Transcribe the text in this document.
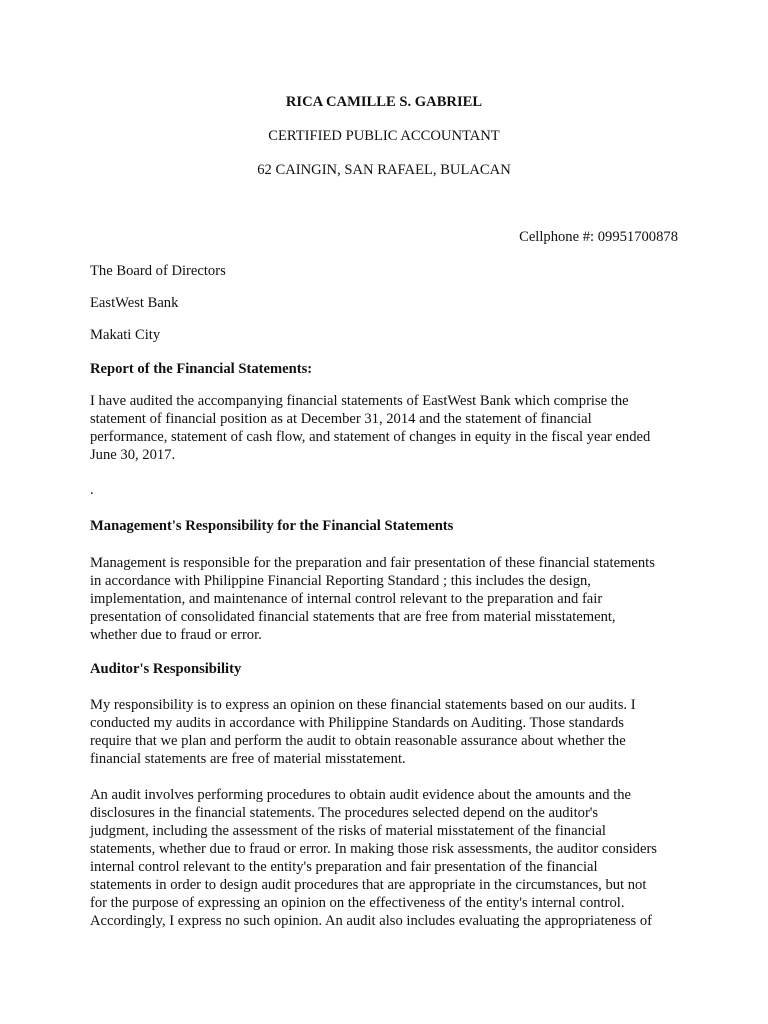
RICA CAMILLE S. GABRIEL
CERTIFIED PUBLIC ACCOUNTANT
62 CAINGIN, SAN RAFAEL, BULACAN
Cellphone #: 09951700878
The Board of Directors
EastWest Bank
Makati City
Report of the Financial Statements:
I have audited the accompanying financial statements of EastWest Bank which comprise the
statement of financial position as at December 31, 2014 and the statement of financial
performance, statement of cash flow, and statement of changes in equity in the fiscal year ended
June 30, 2017.
.
Management's Responsibility for the Financial Statements
Management is responsible for the preparation and fair presentation of these financial statements
in accordance with Philippine Financial Reporting Standard ; this includes the design,
implementation, and maintenance of internal control relevant to the preparation and fair
presentation of consolidated financial statements that are free from material misstatement,
whether due to fraud or error.
Auditor's Responsibility
My responsibility is to express an opinion on these financial statements based on our audits. I
conducted my audits in accordance with Philippine Standards on Auditing. Those standards
require that we plan and perform the audit to obtain reasonable assurance about whether the
financial statements are free of material misstatement.
An audit involves performing procedures to obtain audit evidence about the amounts and the
disclosures in the financial statements. The procedures selected depend on the auditor's
judgment, including the assessment of the risks of material misstatement of the financial
statements, whether due to fraud or error. In making those risk assessments, the auditor considers
internal control relevant to the entity's preparation and fair presentation of the financial
statements in order to design audit procedures that are appropriate in the circumstances, but not
for the purpose of expressing an opinion on the effectiveness of the entity's internal control.
Accordingly, I express no such opinion. An audit also includes evaluating the appropriateness of
